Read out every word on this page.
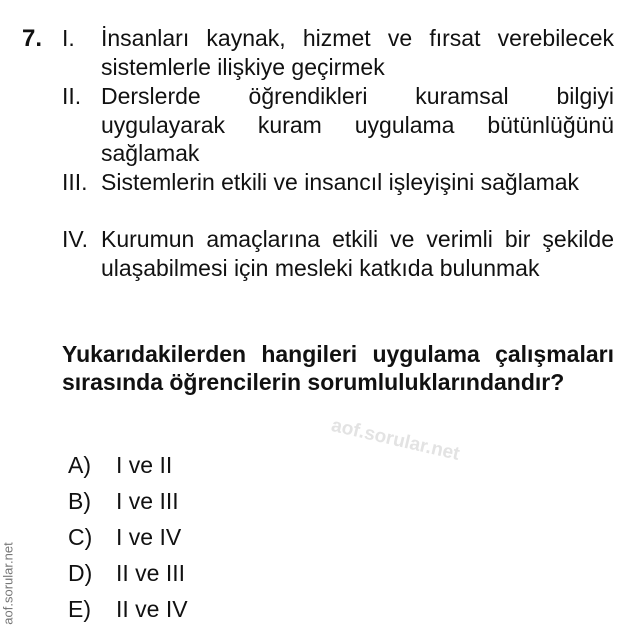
7. I.	İnsanları kaynak, hizmet ve fırsat verebilecek sistemlerle ilişkiye geçirmek
II. Derslerde öğrendikleri kuramsal bilgiyi uygulayarak kuram uygulama bütünlüğünü sağlamak
III. Sistemlerin etkili ve insancıl işleyişini sağlamak
IV. Kurumun amaçlarına etkili ve verimli bir şekilde ulaşabilmesi için mesleki katkıda bulunmak
Yukarıdakilerden hangileri uygulama çalışmaları sırasında öğrencilerin sorumluluklarındandır?
aof.sorular.net
A) I ve II
B) I ve III
C) I ve IV
D) II ve III
E) II ve IV
aof.sorular.net
